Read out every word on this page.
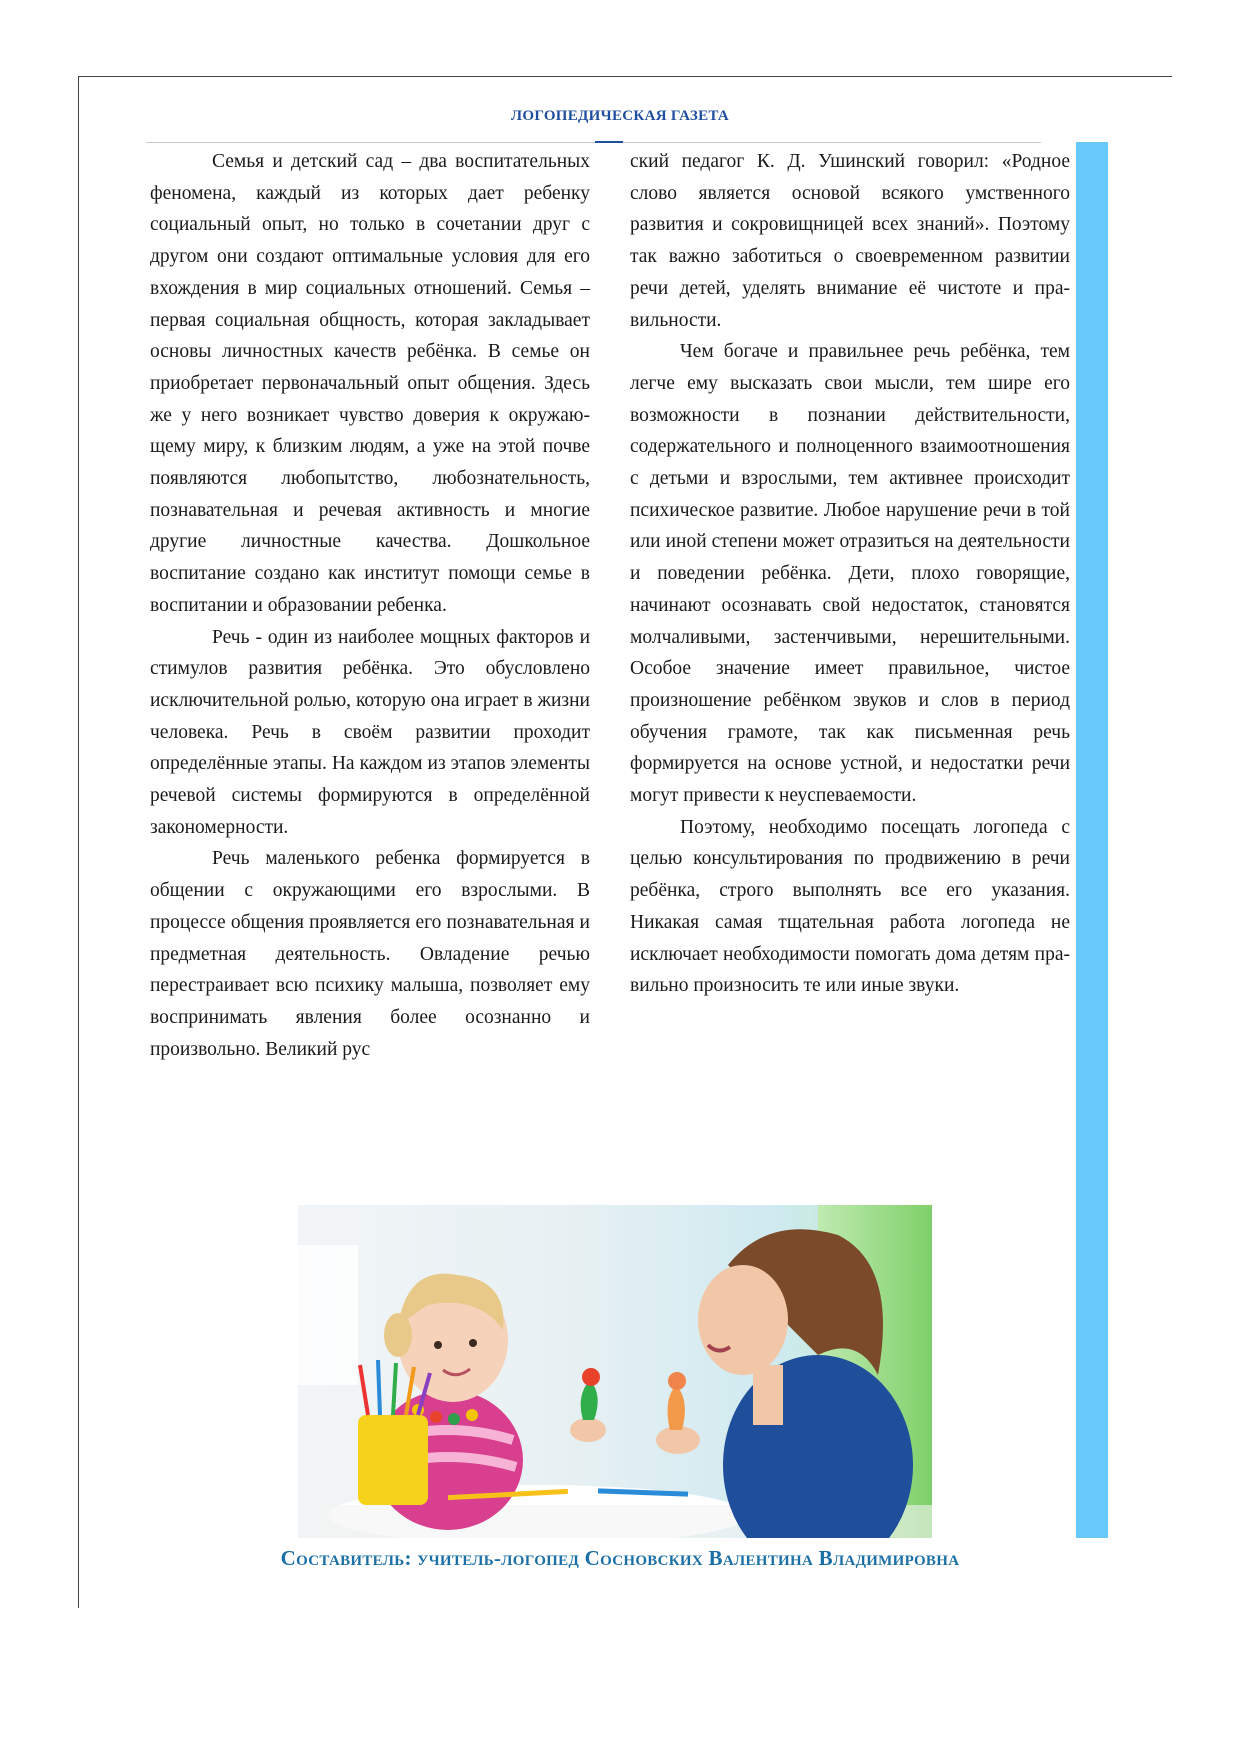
ЛОГОПЕДИЧЕСКАЯ ГАЗЕТА

Семья и детский сад – два воспитательных феномена, каждый из которых дает ребенку социальный опыт, но только в сочетании друг с другом они создают оптимальные условия для его вхождения в мир социальных отношений. Семья – первая социальная общность, которая закладывает основы личностных качеств ребёнка. В семье он приобретает первоначальный опыт общения. Здесь же у него возникает чувство доверия к окружающему миру, к близким людям, а уже на этой почве появляются любопытство, любознательность, познавательная и речевая активность и многие другие личностные качества. Дошкольное воспитание создано как институт помощи семье в воспитании и образовании ребенка.

Речь - один из наиболее мощных факторов и стимулов развития ребёнка. Это обусловлено исключительной ролью, которую она играет в жизни человека. Речь в своём развитии проходит определённые этапы. На каждом из этапов элементы речевой системы формируются в определённой закономерности.

Речь маленького ребенка формируется в общении с окружающими его взрослыми. В процессе общения проявляется его познавательная и предметная деятельность. Овладение речью перестраивает всю психику малыша, позволяет ему воспринимать явления более осознанно и произвольно. Великий рус

ский педагог К. Д. Ушинский говорил: «Родное слово является основой всякого умственного развития и сокровищницей всех знаний». Поэтому так важно заботиться о своевременном развитии речи детей, уделять внимание её чистоте и правильности.

Чем богаче и правильнее речь ребёнка, тем легче ему высказать свои мысли, тем шире его возможности в познании действительности, содержательного и полноценного взаимоотношения с детьми и взрослыми, тем активнее происходит психическое развитие. Любое нарушение речи в той или иной степени может отразиться на деятельности и поведении ребёнка. Дети, плохо говорящие, начинают осознавать свой недостаток, становятся молчаливыми, застенчивыми, нерешительными. Особое значение имеет правильное, чистое произношение ребёнком звуков и слов в период обучения грамоте, так как письменная речь формируется на основе устной, и недостатки речи могут привести к неуспеваемости.

Поэтому, необходимо посещать логопеда с целью консультирования по продвижению в речи ребёнка, строго выполнять все его указания. Никакая самая тщательная работа логопеда не исключает необходимости помогать дома детям правильно произносить те или иные звуки.

Составитель: учитель-логопед Сосновских Валентина Владимировна
